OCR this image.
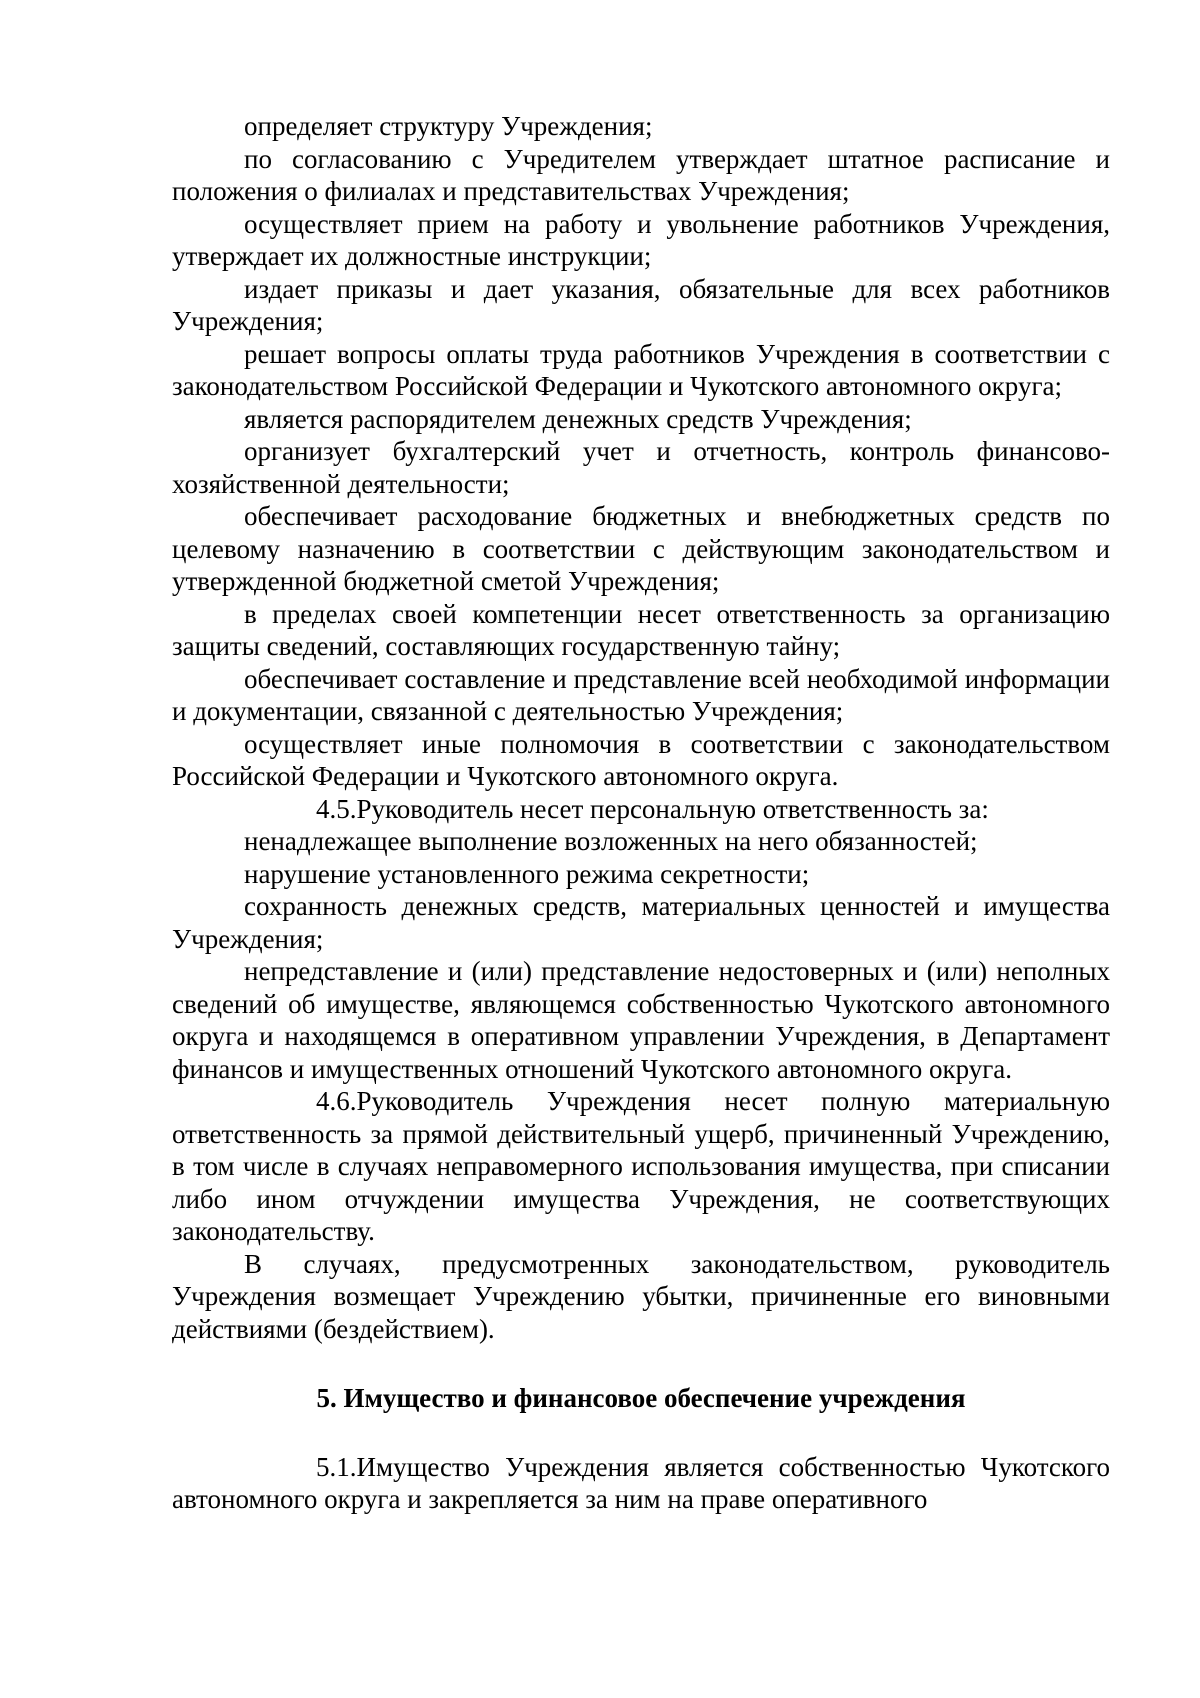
определяет структуру Учреждения;

по согласованию с Учредителем утверждает штатное расписание и положения о филиалах и представительствах Учреждения;

осуществляет прием на работу и увольнение работников Учреждения, утверждает их должностные инструкции;

издает приказы и дает указания, обязательные для всех работников Учреждения;

решает вопросы оплаты труда работников Учреждения в соответствии с законодательством Российской Федерации и Чукотского автономного округа;

является распорядителем денежных средств Учреждения;

организует бухгалтерский учет и отчетность, контроль финансово-хозяйственной деятельности;

обеспечивает расходование бюджетных и внебюджетных средств по целевому назначению в соответствии с действующим законодательством и утвержденной бюджетной сметой Учреждения;

в пределах своей компетенции несет ответственность за организацию защиты сведений, составляющих государственную тайну;

обеспечивает составление и представление всей необходимой информации и документации, связанной с деятельностью Учреждения;

осуществляет иные полномочия в соответствии с законодательством Российской Федерации и Чукотского автономного округа.

4.5.Руководитель несет персональную ответственность за:

ненадлежащее выполнение возложенных на него обязанностей;

нарушение установленного режима секретности;

сохранность денежных средств, материальных ценностей и имущества Учреждения;

непредставление и (или) представление недостоверных и (или) неполных сведений об имуществе, являющемся собственностью Чукотского автономного округа и находящемся в оперативном управлении Учреждения, в Департамент финансов и имущественных отношений Чукотского автономного округа.

4.6.Руководитель Учреждения несет полную материальную ответственность за прямой действительный ущерб, причиненный Учреждению, в том числе в случаях неправомерного использования имущества, при списании либо ином отчуждении имущества Учреждения, не соответствующих законодательству.

В случаях, предусмотренных законодательством, руководитель Учреждения возмещает Учреждению убытки, причиненные его виновными действиями (бездействием).

5. Имущество и финансовое обеспечение учреждения

5.1.Имущество Учреждения является собственностью Чукотского автономного округа и закрепляется за ним на праве оперативного
